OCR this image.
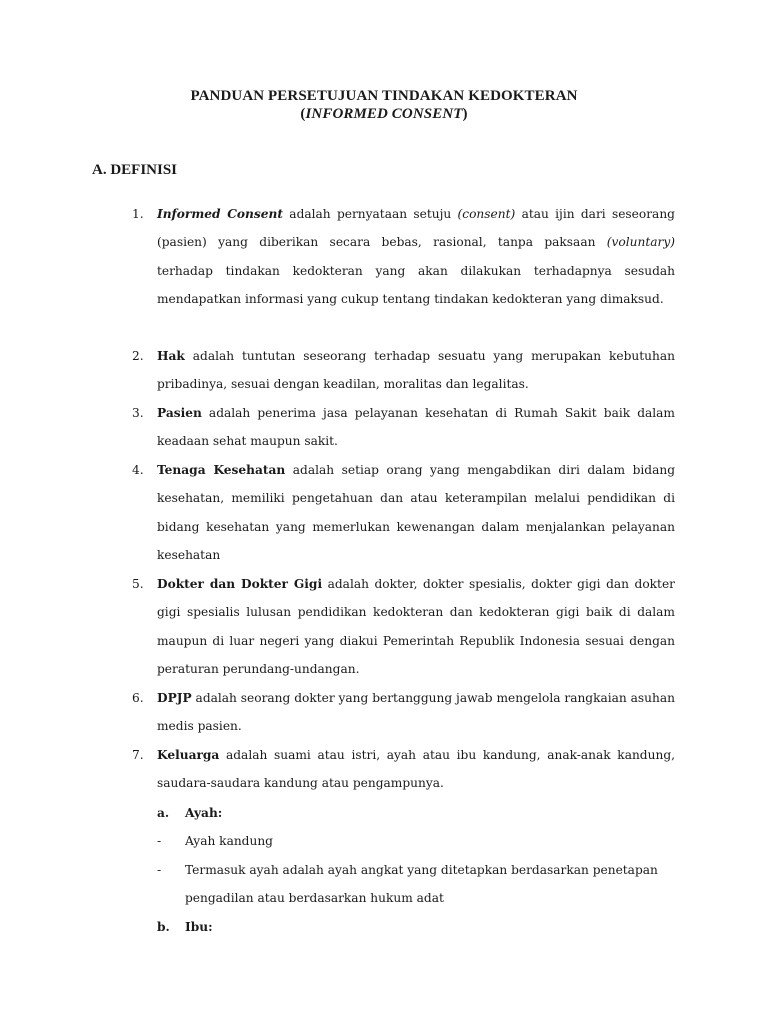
PANDUAN PERSETUJUAN TINDAKAN KEDOKTERAN
(INFORMED CONSENT)
A. DEFINISI
1. Informed Consent adalah pernyataan setuju (consent) atau ijin dari seseorang (pasien) yang diberikan secara bebas, rasional, tanpa paksaan (voluntary) terhadap tindakan kedokteran yang akan dilakukan terhadapnya sesudah mendapatkan informasi yang cukup tentang tindakan kedokteran yang dimaksud.
2. Hak adalah tuntutan seseorang terhadap sesuatu yang merupakan kebutuhan pribadinya, sesuai dengan keadilan, moralitas dan legalitas.
3. Pasien adalah penerima jasa pelayanan kesehatan di Rumah Sakit baik dalam keadaan sehat maupun sakit.
4. Tenaga Kesehatan adalah setiap orang yang mengabdikan diri dalam bidang kesehatan, memiliki pengetahuan dan atau keterampilan melalui pendidikan di bidang kesehatan yang memerlukan kewenangan dalam menjalankan pelayanan kesehatan
5. Dokter dan Dokter Gigi adalah dokter, dokter spesialis, dokter gigi dan dokter gigi spesialis lulusan pendidikan kedokteran dan kedokteran gigi baik di dalam maupun di luar negeri yang diakui Pemerintah Republik Indonesia sesuai dengan peraturan perundang-undangan.
6. DPJP adalah seorang dokter yang bertanggung jawab mengelola rangkaian asuhan medis pasien.
7. Keluarga adalah suami atau istri, ayah atau ibu kandung, anak-anak kandung, saudara-saudara kandung atau pengampunya.
a. Ayah:
- Ayah kandung
- Termasuk ayah adalah ayah angkat yang ditetapkan berdasarkan penetapan pengadilan atau berdasarkan hukum adat
b. Ibu:
